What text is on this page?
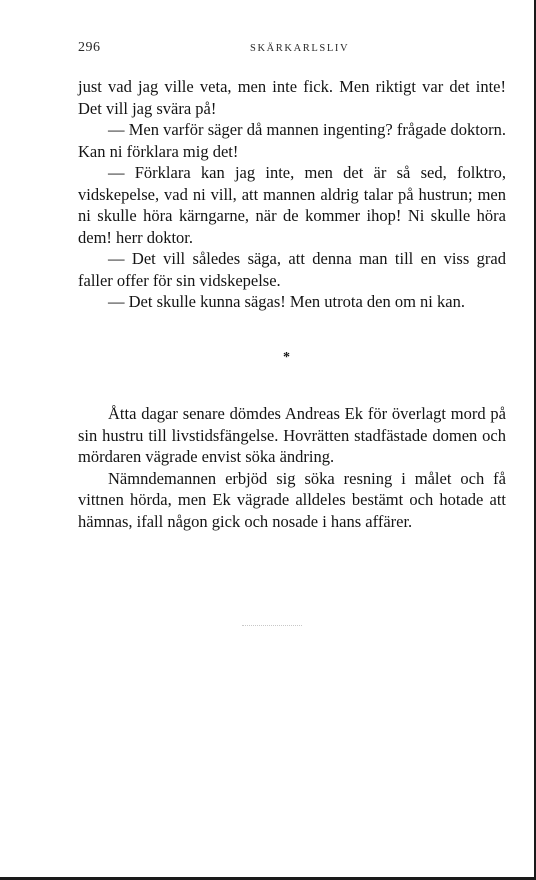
296	SKÄRKARLSLIV

just vad jag ville veta, men inte fick. Men riktigt var det inte! Det vill jag svära på!

— Men varför säger då mannen ingenting? frågade doktorn. Kan ni förklara mig det!

— Förklara kan jag inte, men det är så sed, folktro, vidskepelse, vad ni vill, att mannen aldrig talar på hustrun; men ni skulle höra kärngarne, när de kommer ihop! Ni skulle höra dem! herr doktor.

— Det vill således säga, att denna man till en viss grad faller offer för sin vidskepelse.

— Det skulle kunna sägas! Men utrota den om ni kan.

*

Åtta dagar senare dömdes Andreas Ek för överlagt mord på sin hustru till livstidsfängelse. Hovrätten stadfästade domen och mördaren vägrade envist söka ändring.

Nämndemannen erbjöd sig söka resning i målet och få vittnen hörda, men Ek vägrade alldeles bestämt och hotade att hämnas, ifall någon gick och nosade i hans affärer.
